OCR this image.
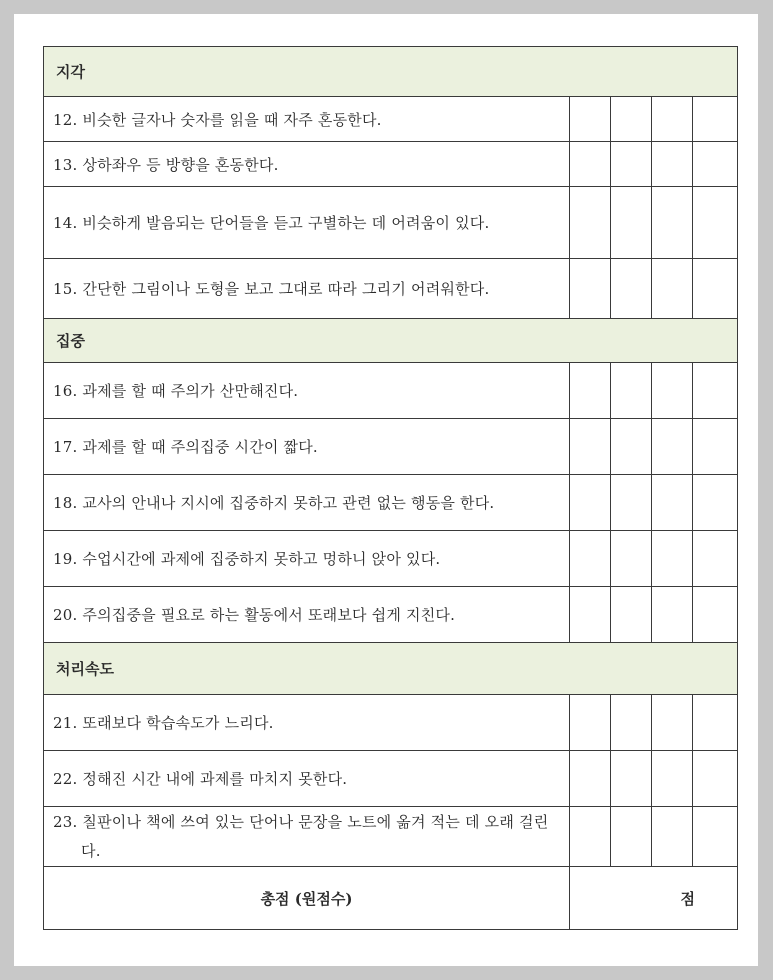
지각				
12. 비슷한 글자나 숫자를 읽을 때 자주 혼동한다.				
13. 상하좌우 등 방향을 혼동한다.				
14. 비슷하게 발음되는 단어들을 듣고 구별하는 데 어려움이 있다.				
15. 간단한 그림이나 도형을 보고 그대로 따라 그리기 어려워한다.				
집중				
16. 과제를 할 때 주의가 산만해진다.				
17. 과제를 할 때 주의집중 시간이 짧다.				
18. 교사의 안내나 지시에 집중하지 못하고 관련 없는 행동을 한다.				
19. 수업시간에 과제에 집중하지 못하고 멍하니 앉아 있다.				
20. 주의집중을 필요로 하는 활동에서 또래보다 쉽게 지친다.				
처리속도				
21. 또래보다 학습속도가 느리다.				
22. 정해진 시간 내에 과제를 마치지 못한다.				

23. 칠판이나 책에 쓰여 있는 단어나 문장을 노트에 옮겨 적는 데 오래 걸린다.				

총점 (원점수)	점			
